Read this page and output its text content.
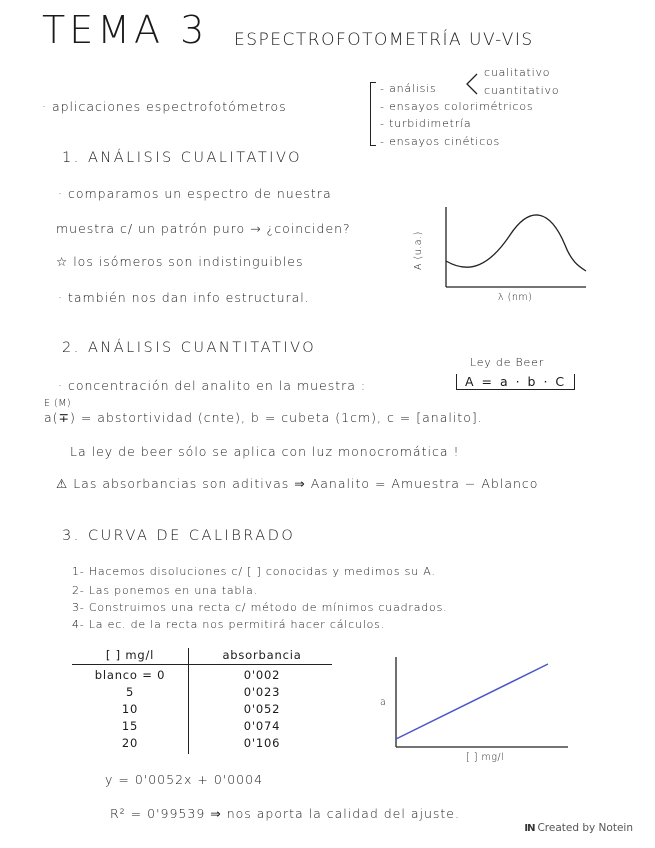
TEMA 3 ESPECTROFOTOMETRÍA UV-VIS
· aplicaciones espectrofotómetros
- análisis
- ensayos colorimétricos
- turbidimetría
- ensayos cinéticos
cualitativo
cuantitativo
1. ANÁLISIS CUALITATIVO
· comparamos un espectro de nuestra
muestra c/ un patrón puro → ¿coinciden?
☆ los isómeros son indistinguibles
· también nos dan info estructural.
A (u.a.)
λ (nm)
2. ANÁLISIS CUANTITATIVO
Ley de Beer
· concentración del analito en la muestra :	A = a · b · C
E (M)
a(∓) = abstortividad (cnte), b = cubeta (1cm), c = [analito].
La ley de beer sólo se aplica con luz monocromática !
⚠ Las absorbancias son aditivas ⇒ Aanalito = Amuestra − Ablanco
3. CURVA DE CALIBRADO
1- Hacemos disoluciones c/ [ ] conocidas y medimos su A.
2- Las ponemos en una tabla.
3- Construimos una recta c/ método de mínimos cuadrados.
4- La ec. de la recta nos permitirá hacer cálculos.
[ ] mg/l	absorbancia
blanco = 0	0'002
5	0'023
10	0'052
15	0'074
20	0'106
a
[ ] mg/l
y = 0'0052x + 0'0004
R² = 0'99539 ⇒ nos aporta la calidad del ajuste.
IN Created by Notein
